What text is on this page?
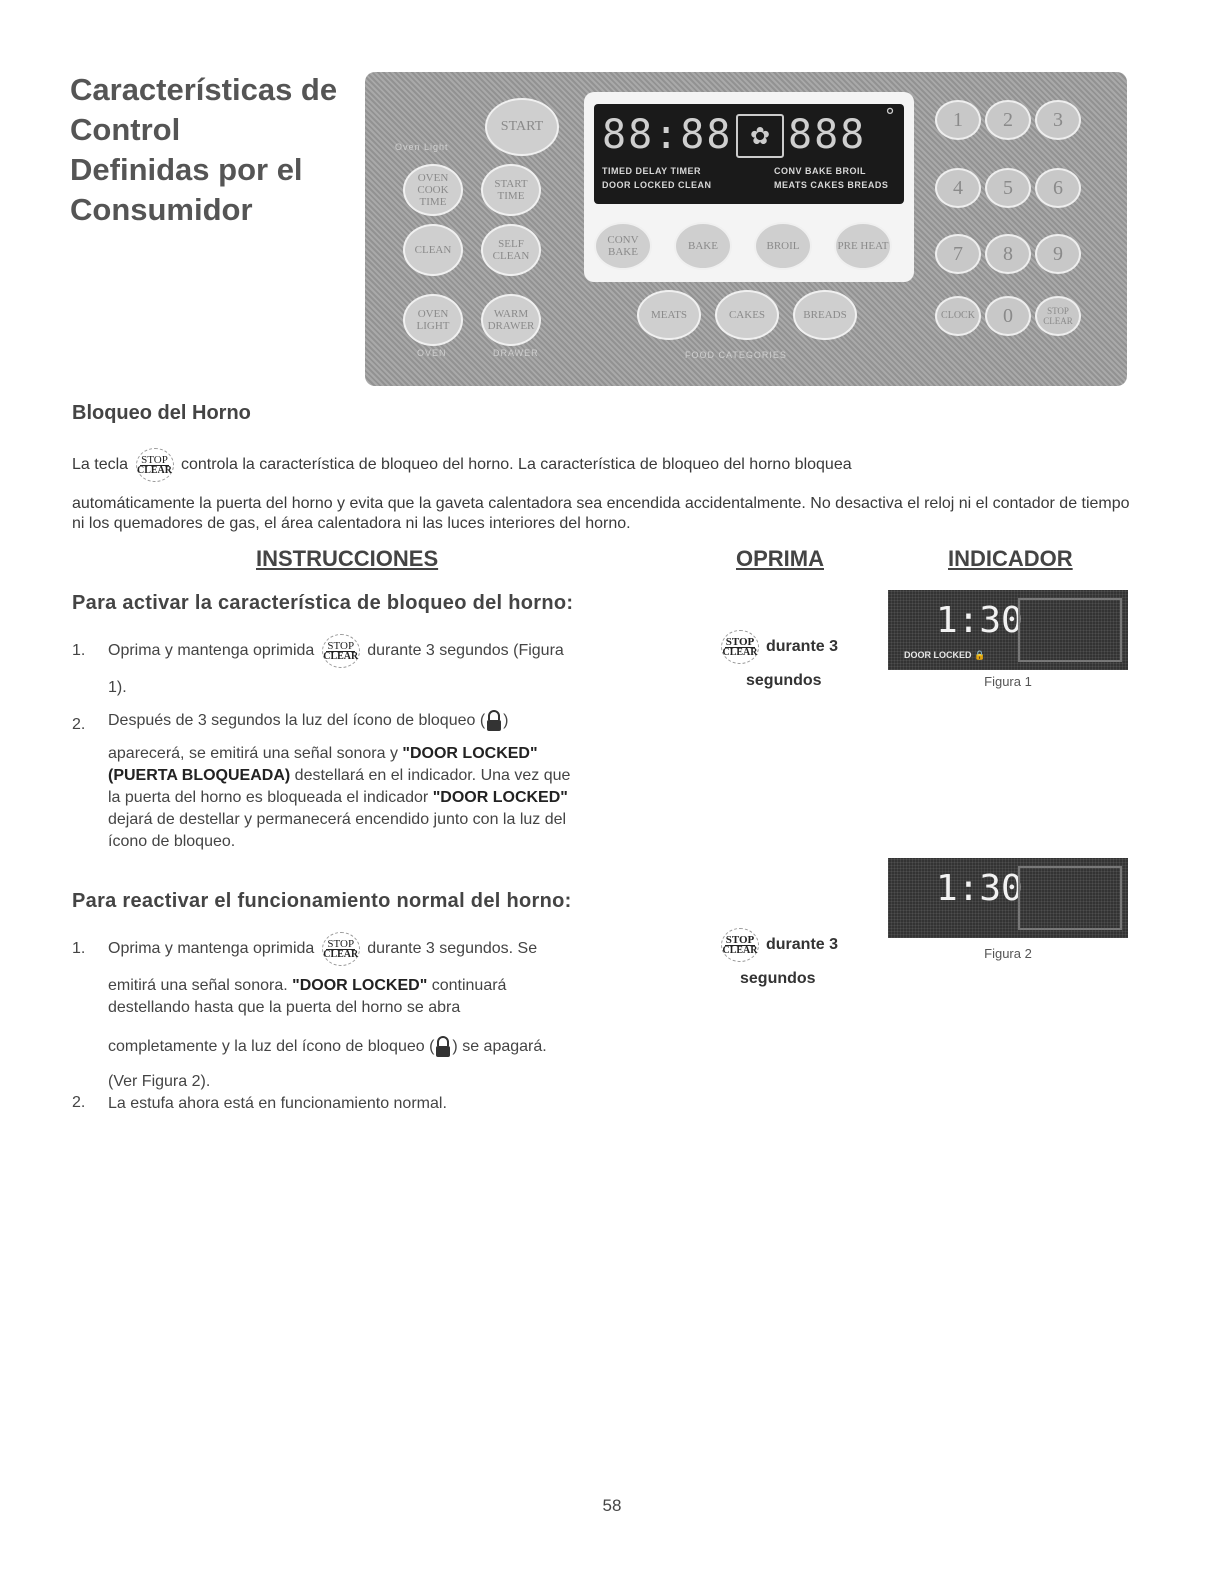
Características de
Control
Definidas por el
Consumidor
START
Oven Light
OVEN COOK TIME
START TIME
CLEAN	SELF CLEAN
OVEN LIGHT
WARM DRAWER
OVEN	DRAWER
88:88 ✿ 888 °
TIMED DELAY TIMER	CONV BAKE BROIL
DOOR LOCKED CLEAN	MEATS CAKES BREADS
CONV BAKE	BAKE	BROIL	PRE HEAT
MEATS	CAKES	BREADS
FOOD CATEGORIES
1	2	3
4	5	6
7	8	9
CLOCK	0	STOP
CLEAR
Bloqueo del Horno

La tecla STOP
CLEAR controla la característica de bloqueo del horno. La característica de bloqueo del horno bloquea

automáticamente la puerta del horno y evita que la gaveta calentadora sea encendida accidentalmente. No desactiva el reloj ni el contador de tiempo ni los quemadores de gas, el área calentadora ni las luces interiores del horno.

INSTRUCCIONES	OPRIMA	INDICADOR
Para activar la característica de bloqueo del horno:
1. Oprima y mantenga oprimida STOP
CLEAR durante 3 segundos (Figura
1).
2. Después de 3 segundos la luz del ícono de bloqueo ( )
aparecerá, se emitirá una señal sonora y "DOOR LOCKED"
(PUERTA BLOQUEADA) destellará en el indicador. Una vez que
la puerta del horno es bloqueada el indicador "DOOR LOCKED"
dejará de destellar y permanecerá encendido junto con la luz del
ícono de bloqueo.
STOP
CLEAR durante 3
segundos
1:30
DOOR LOCKED 🔒
Figura 1
Para reactivar el funcionamiento normal del horno:
1. Oprima y mantenga oprimida STOP
CLEAR durante 3 segundos. Se
emitirá una señal sonora. "DOOR LOCKED" continuará
destellando hasta que la puerta del horno se abra
completamente y la luz del ícono de bloqueo ( ) se apagará.
(Ver Figura 2).
2. La estufa ahora está en funcionamiento normal.
STOP
CLEAR durante 3
segundos
1:30
Figura 2
58
